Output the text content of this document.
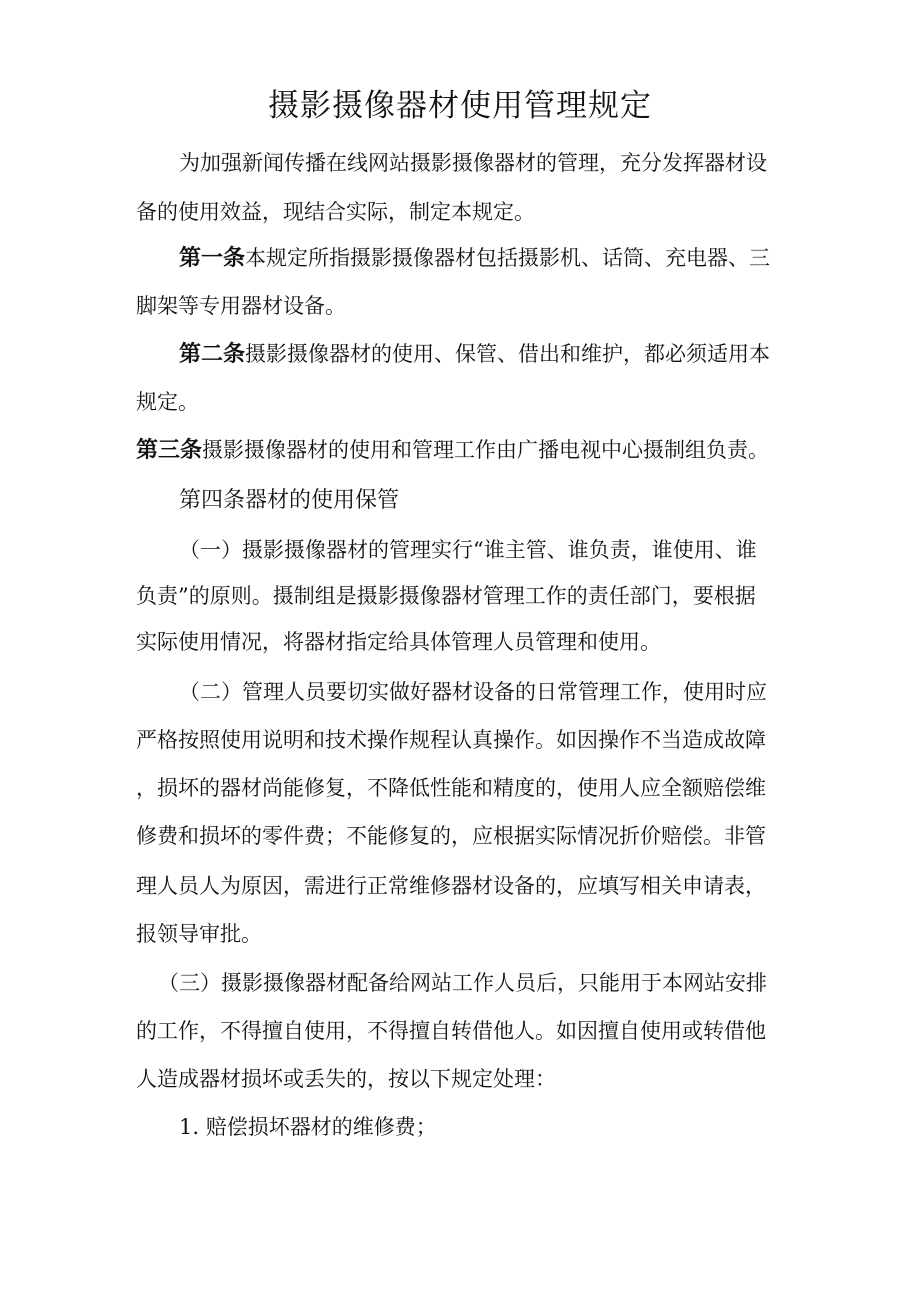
摄影摄像器材使用管理规定

为加强新闻传播在线网站摄影摄像器材的管理，充分发挥器材设

备的使用效益，现结合实际，制定本规定。

第一条本规定所指摄影摄像器材包括摄影机、话筒、充电器、三

脚架等专用器材设备。

第二条摄影摄像器材的使用、保管、借出和维护，都必须适用本

规定。

第三条摄影摄像器材的使用和管理工作由广播电视中心摄制组负责。

第四条器材的使用保管

（一）摄影摄像器材的管理实行“谁主管、谁负责，谁使用、谁

负责”的原则。摄制组是摄影摄像器材管理工作的责任部门，要根据

实际使用情况，将器材指定给具体管理人员管理和使用。

（二）管理人员要切实做好器材设备的日常管理工作，使用时应

严格按照使用说明和技术操作规程认真操作。如因操作不当造成故障

，损坏的器材尚能修复，不降低性能和精度的，使用人应全额赔偿维

修费和损坏的零件费；不能修复的，应根据实际情况折价赔偿。非管

理人员人为原因，需进行正常维修器材设备的，应填写相关申请表，

报领导审批。

（三）摄影摄像器材配备给网站工作人员后，只能用于本网站安排

的工作，不得擅自使用，不得擅自转借他人。如因擅自使用或转借他

人造成器材损坏或丢失的，按以下规定处理：

1. 赔偿损坏器材的维修费；
